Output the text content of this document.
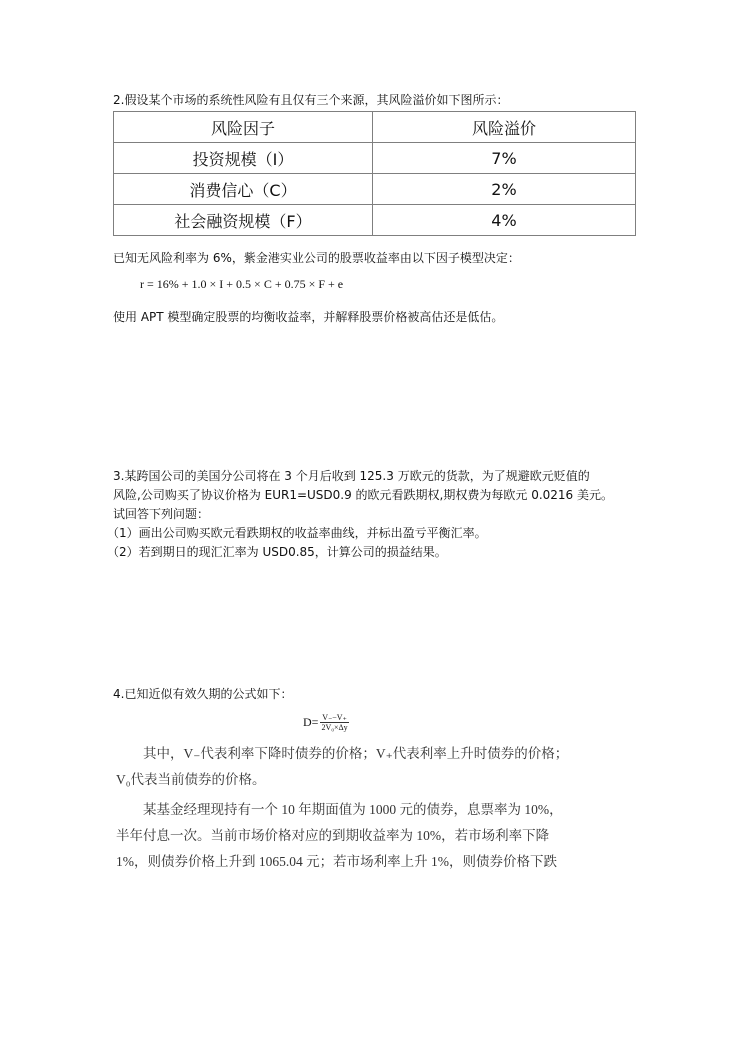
2.假设某个市场的系统性风险有且仅有三个来源，其风险溢价如下图所示：
风险因子	风险溢价
投资规模（I）	7%
消费信心（C）	2%
社会融资规模（F）	4%
已知无风险利率为 6%，紫金港实业公司的股票收益率由以下因子模型决定：
r = 16% + 1.0 × I + 0.5 × C + 0.75 × F + e
使用 APT 模型确定股票的均衡收益率，并解释股票价格被高估还是低估。
3.某跨国公司的美国分公司将在 3 个月后收到 125.3 万欧元的货款，为了规避欧元贬值的
风险,公司购买了协议价格为 EUR1=USD0.9 的欧元看跌期权,期权费为每欧元 0.0216 美元。
试回答下列问题：
（1）画出公司购买欧元看跌期权的收益率曲线，并标出盈亏平衡汇率。
（2）若到期日的现汇汇率为 USD0.85，计算公司的损益结果。
4.已知近似有效久期的公式如下：
$D= \frac{V_--V_+}{\text{2V₀×Δy}}$
其中，V₋代表利率下降时债券的价格；V₊代表利率上升时债券的价格；
V₀代表当前债券的价格。
某基金经理现持有一个 10 年期面值为 1000 元的债券，息票率为 10%，
半年付息一次。当前市场价格对应的到期收益率为 10%，若市场利率下降
1%，则债券价格上升到 1065.04 元；若市场利率上升 1%，则债券价格下跌
